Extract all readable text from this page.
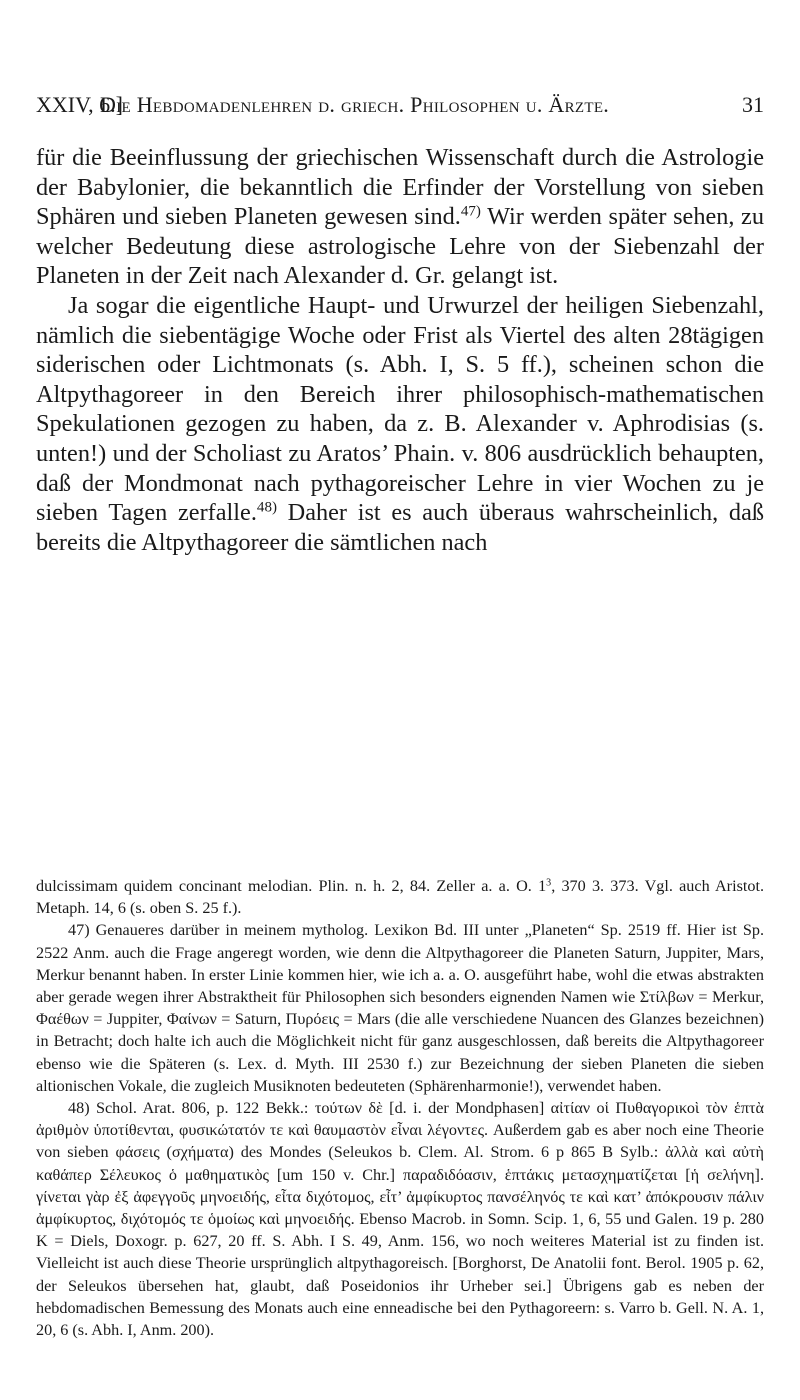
XXIV, 6.]
Die Hebdomadenlehren d. griech. Philosophen u. Ärzte.	31

für die Beeinflussung der griechischen Wissenschaft durch die Astrologie der Babylonier, die bekanntlich die Erfinder der Vorstellung von sieben Sphären und sieben Planeten gewesen sind.$^{47)}$ Wir werden später sehen, zu welcher Bedeutung diese astrologische Lehre von der Siebenzahl der Planeten in der Zeit nach Alexander d. Gr. gelangt ist.

Ja sogar die eigentliche Haupt- und Urwurzel der heiligen Siebenzahl, nämlich die siebentägige Woche oder Frist als Viertel des alten 28tägigen siderischen oder Lichtmonats (s. Abh. I, S. 5 ff.), scheinen schon die Altpythagoreer in den Bereich ihrer philosophisch-mathematischen Spekulationen gezogen zu haben, da z. B. Alexander v. Aphrodisias (s. unten!) und der Scholiast zu Aratos’ Phain. v. 806 ausdrücklich behaupten, daß der Mondmonat nach pythagoreischer Lehre in vier Wochen zu je sieben Tagen zerfalle.$^{48)}$ Daher ist es auch überaus wahrscheinlich, daß bereits die Altpythagoreer die sämtlichen nach

dulcissimam quidem concinant melodian. Plin. n. h. 2, 84. Zeller a. a. O. $1^3$, 370 3. 373. Vgl. auch Aristot. Metaph. 14, 6 (s. oben S. 25 f.).

47) Genaueres darüber in meinem mytholog. Lexikon Bd. III unter „Planeten“ Sp. 2519 ff. Hier ist Sp. 2522 Anm. auch die Frage angeregt worden, wie denn die Altpythagoreer die Planeten Saturn, Juppiter, Mars, Merkur benannt haben. In erster Linie kommen hier, wie ich a. a. O. ausgeführt habe, wohl die etwas abstrakten aber gerade wegen ihrer Abstraktheit für Philosophen sich besonders eignenden Namen wie Στίλβων = Merkur, Φαέθων = Juppiter, Φαίνων = Saturn, Πυρόεις = Mars (die alle verschiedene Nuancen des Glanzes bezeichnen) in Betracht; doch halte ich auch die Möglichkeit nicht für ganz ausgeschlossen, daß bereits die Altpythagoreer ebenso wie die Späteren (s. Lex. d. Myth. III 2530 f.) zur Bezeichnung der sieben Planeten die sieben altionischen Vokale, die zugleich Musiknoten bedeuteten (Sphärenharmonie!), verwendet haben.

48) Schol. Arat. 806, p. 122 Bekk.: τούτων δὲ [d. i. der Mondphasen] αἰτίαν οἱ Πυθαγορικοὶ τὸν ἑπτὰ ἀριθμὸν ὑποτίθενται, φυσικώτατόν τε καὶ θαυμαστὸν εἶναι λέγοντες. Außerdem gab es aber noch eine Theorie von sieben φάσεις (σχήματα) des Mondes (Seleukos b. Clem. Al. Strom. 6 p 865 B Sylb.: ἀλλὰ καὶ αὐτὴ καθάπερ Σέλευκος ὁ μαθηματικὸς [um 150 v. Chr.] παραδιδόασιν, ἑπτάκις μετασχηματίζεται [ἡ σελήνη]. γίνεται γὰρ ἐξ ἀφεγγοῦς μηνοειδής, εἶτα διχότομος, εἶτ’ ἀμφίκυρτος πανσέληνός τε καὶ κατ’ ἀπόκρουσιν πάλιν ἀμφίκυρτος, διχότομός τε ὁμοίως καὶ μηνοειδής. Ebenso Macrob. in Somn. Scip. 1, 6, 55 und Galen. 19 p. 280 K = Diels, Doxogr. p. 627, 20 ff. S. Abh. I S. 49, Anm. 156, wo noch weiteres Material ist zu finden ist. Vielleicht ist auch diese Theorie ursprünglich altpythagoreisch. [Borghorst, De Anatolii font. Berol. 1905 p. 62, der Seleukos übersehen hat, glaubt, daß Poseidonios ihr Urheber sei.] Übrigens gab es neben der hebdomadischen Bemessung des Monats auch eine enneadische bei den Pythagoreern: s. Varro b. Gell. N. A. 1, 20, 6 (s. Abh. I, Anm. 200).
